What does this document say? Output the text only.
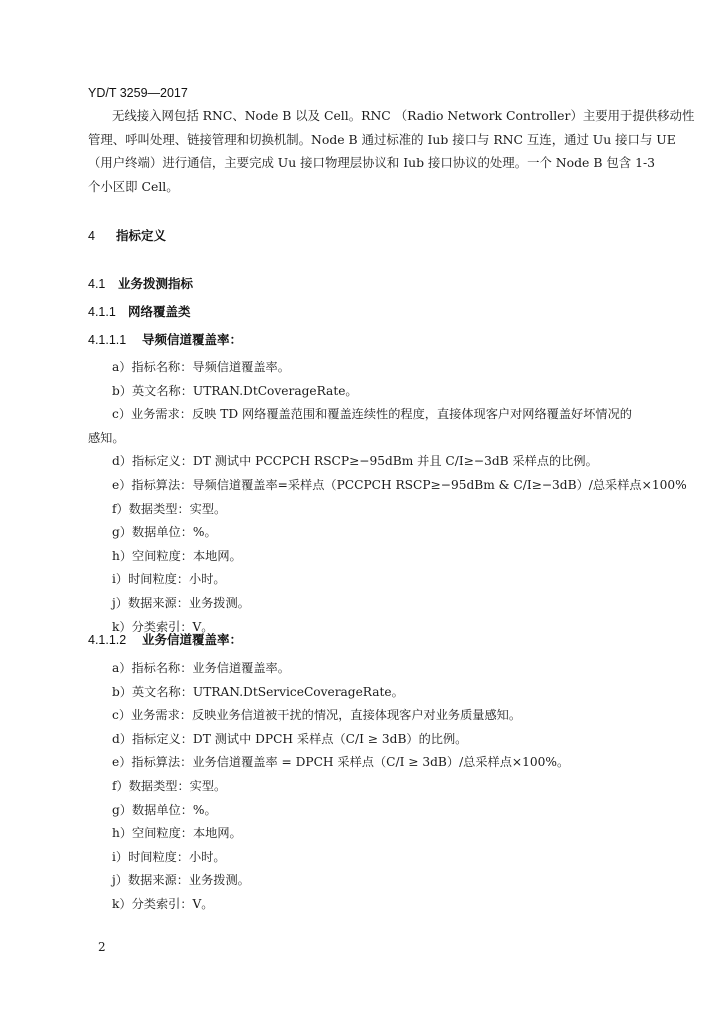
YD/T 3259—2017
无线接入网包括 RNC、Node B 以及 Cell。RNC （Radio Network Controller）主要用于提供移动性
管理、呼叫处理、链接管理和切换机制。Node B 通过标准的 Iub 接口与 RNC 互连，通过 Uu 接口与 UE
（用户终端）进行通信，主要完成 Uu 接口物理层协议和 Iub 接口协议的处理。一个 Node B 包含 1-3
个小区即 Cell。
4 指标定义
4.1 业务拨测指标
4.1.1 网络覆盖类
4.1.1.1 导频信道覆盖率：
a）指标名称：导频信道覆盖率。
b）英文名称：UTRAN.DtCoverageRate。
c）业务需求：反映 TD 网络覆盖范围和覆盖连续性的程度，直接体现客户对网络覆盖好坏情况的
感知。
d）指标定义：DT 测试中 PCCPCH RSCP≥−95dBm 并且 C/I≥−3dB 采样点的比例。
e）指标算法：导频信道覆盖率=采样点（PCCPCH RSCP≥−95dBm & C/I≥−3dB）/总采样点×100%
f）数据类型：实型。
g）数据单位：%。
h）空间粒度：本地网。
i）时间粒度：小时。
j）数据来源：业务拨测。
k）分类索引：V。
4.1.1.2 业务信道覆盖率：
a）指标名称：业务信道覆盖率。
b）英文名称：UTRAN.DtServiceCoverageRate。
c）业务需求：反映业务信道被干扰的情况，直接体现客户对业务质量感知。
d）指标定义：DT 测试中 DPCH 采样点（C/I ≥ 3dB）的比例。
e）指标算法：业务信道覆盖率 = DPCH 采样点（C/I ≥ 3dB）/总采样点×100%。
f）数据类型：实型。
g）数据单位：%。
h）空间粒度：本地网。
i）时间粒度：小时。
j）数据来源：业务拨测。
k）分类索引：V。
2
